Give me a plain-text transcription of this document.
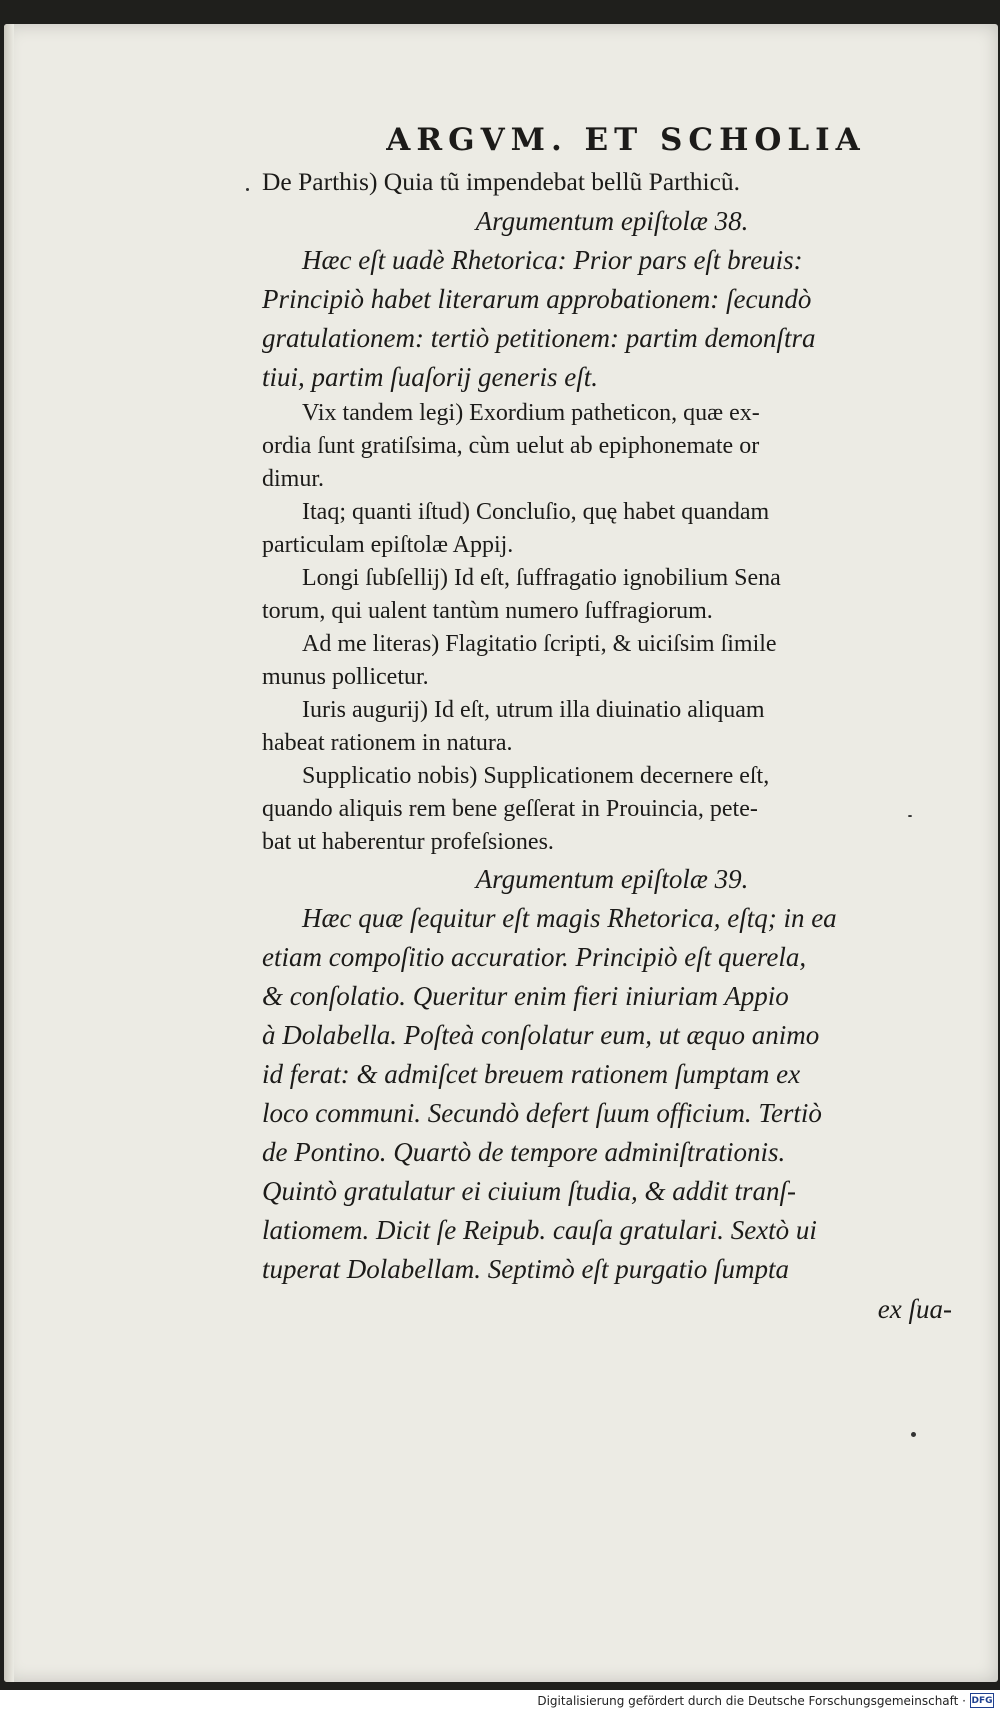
ARGVM. ET SCHOLIA
De Parthis) Quia tũ impendebat bellũ Parthicũ.
Argumentum epiſtolæ 38.
Hæc eſt uadè Rhetorica: Prior pars eſt breuis:
Principiò habet literarum approbationem: ſecundò
gratulationem: tertiò petitionem: partim demonſtra
tiui, partim ſuaſorij generis eſt.
Vix tandem legi) Exordium patheticon, quæ ex-
ordia ſunt gratiſsima, cùm uelut ab epiphonemate or
dimur.
Itaq; quanti iſtud) Concluſio, quę habet quandam
particulam epiſtolæ Appij.
Longi ſubſellij) Id eſt, ſuffragatio ignobilium Sena
torum, qui ualent tantùm numero ſuffragiorum.
Ad me literas) Flagitatio ſcripti, & uiciſsim ſimile
munus pollicetur.
Iuris augurij) Id eſt, utrum illa diuinatio aliquam
habeat rationem in natura.
Supplicatio nobis) Supplicationem decernere eſt,
quando aliquis rem bene geſſerat in Prouincia, pete-
bat ut haberentur profeſsiones.
Argumentum epiſtolæ 39.
Hæc quæ ſequitur eſt magis Rhetorica, eſtq; in ea
etiam compoſitio accuratior. Principiò eſt querela,
& conſolatio. Queritur enim fieri iniuriam Appio
à Dolabella. Poſteà conſolatur eum, ut æquo animo
id ferat: & admiſcet breuem rationem ſumptam ex
loco communi. Secundò defert ſuum officium. Tertiò
de Pontino. Quartò de tempore adminiſtrationis.
Quintò gratulatur ei ciuium ſtudia, & addit tranſ-
latiomem. Dicit ſe Reipub. cauſa gratulari. Sextò ui
tuperat Dolabellam. Septimò eſt purgatio ſumpta
ex ſua-
Digitalisierung gefördert durch die Deutsche Forschungsgemeinschaft · DFG
